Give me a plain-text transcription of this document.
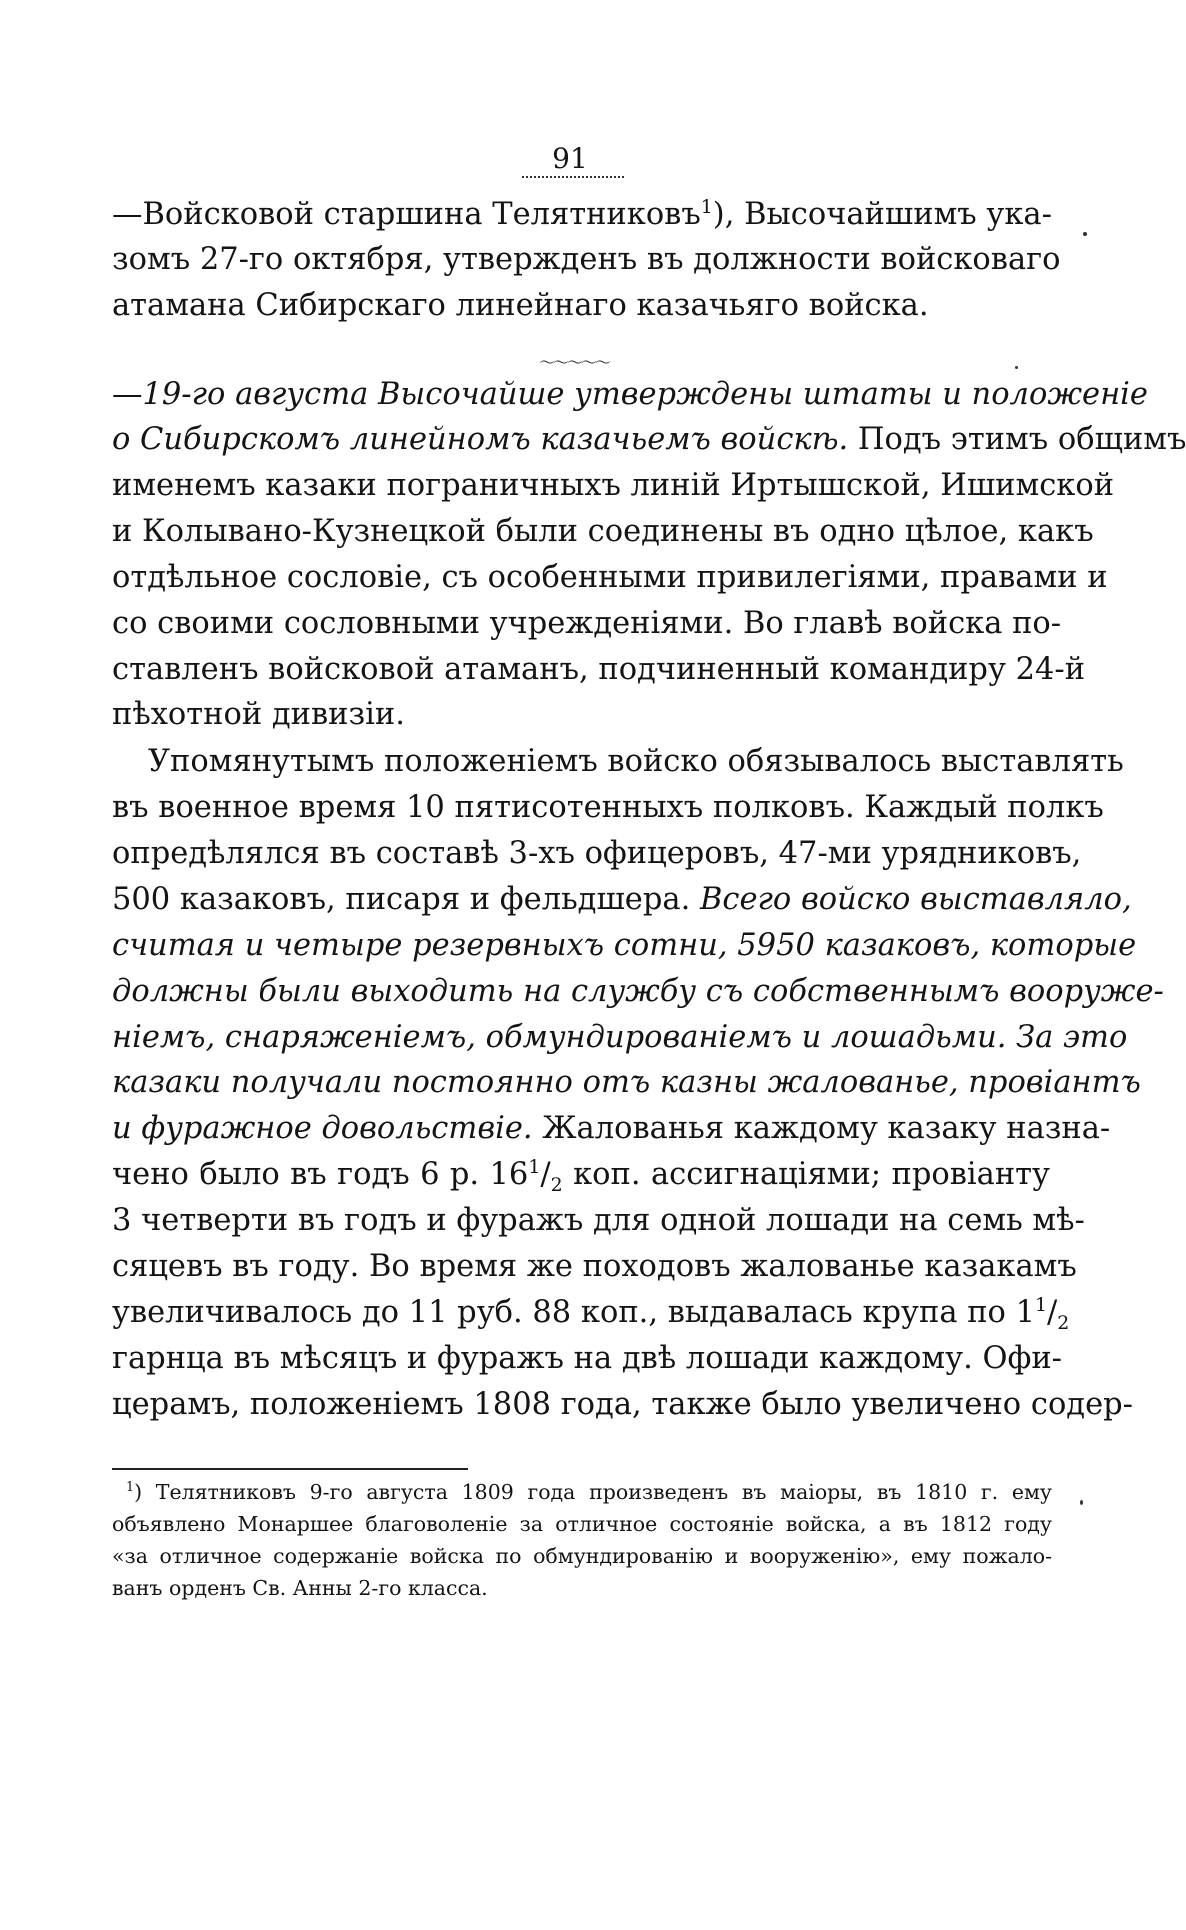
91
—Войсковой старшина Телятниковъ$^1$), Высочайшимъ ука-
зомъ 27-го октября, утвержденъ въ должности войсковаго
атамана Сибирскаго линейнаго казачьяго войска.
—19-го августа Высочайше утверждены штаты и положеніе
о Сибирскомъ линейномъ казачьемъ войскѣ. Подъ этимъ общимъ
именемъ казаки пограничныхъ линій Иртышской, Ишимской
и Колывано-Кузнецкой были соединены въ одно цѣлое, какъ
отдѣльное сословіе, съ особенными привилегіями, правами и
со своими сословными учрежденіями. Во главѣ войска по-
ставленъ войсковой атаманъ, подчиненный командиру 24-й
пѣхотной дивизіи.
Упомянутымъ положеніемъ войско обязывалось выставлять
въ военное время 10 пятисотенныхъ полковъ. Каждый полкъ
опредѣлялся въ составѣ 3-хъ офицеровъ, 47-ми урядниковъ,
500 казаковъ, писаря и фельдшера. Всего войско выставляло,
считая и четыре резервныхъ сотни, 5950 казаковъ, которые
должны были выходить на службу съ собственнымъ вооруже-
ніемъ, снаряженіемъ, обмундированіемъ и лошадьми. За это
казаки получали постоянно отъ казны жалованье, провіантъ
и фуражное довольствіе. Жалованья каждому казаку назна-
чено было въ годъ 6 р. $16^1/_2$ коп. ассигнаціями; провіанту
3 четверти въ годъ и фуражъ для одной лошади на семь мѣ-
сяцевъ въ году. Во время же походовъ жалованье казакамъ
увеличивалось до 11 руб. 88 коп., выдавалась крупа по $1^1/_2$
гарнца въ мѣсяцъ и фуражъ на двѣ лошади каждому. Офи-
церамъ, положеніемъ 1808 года, также было увеличено содер-
〜〜〜〜〜
$^1$) Телятниковъ 9-го августа 1809 года произведенъ въ маіоры, въ 1810 г. ему
объявлено Монаршее благоволеніе за отличное состояніе войска, а въ 1812 году
«за отличное содержаніе войска по обмундированію и вооруженію», ему пожало-
ванъ орденъ Св. Анны 2-го класса.
